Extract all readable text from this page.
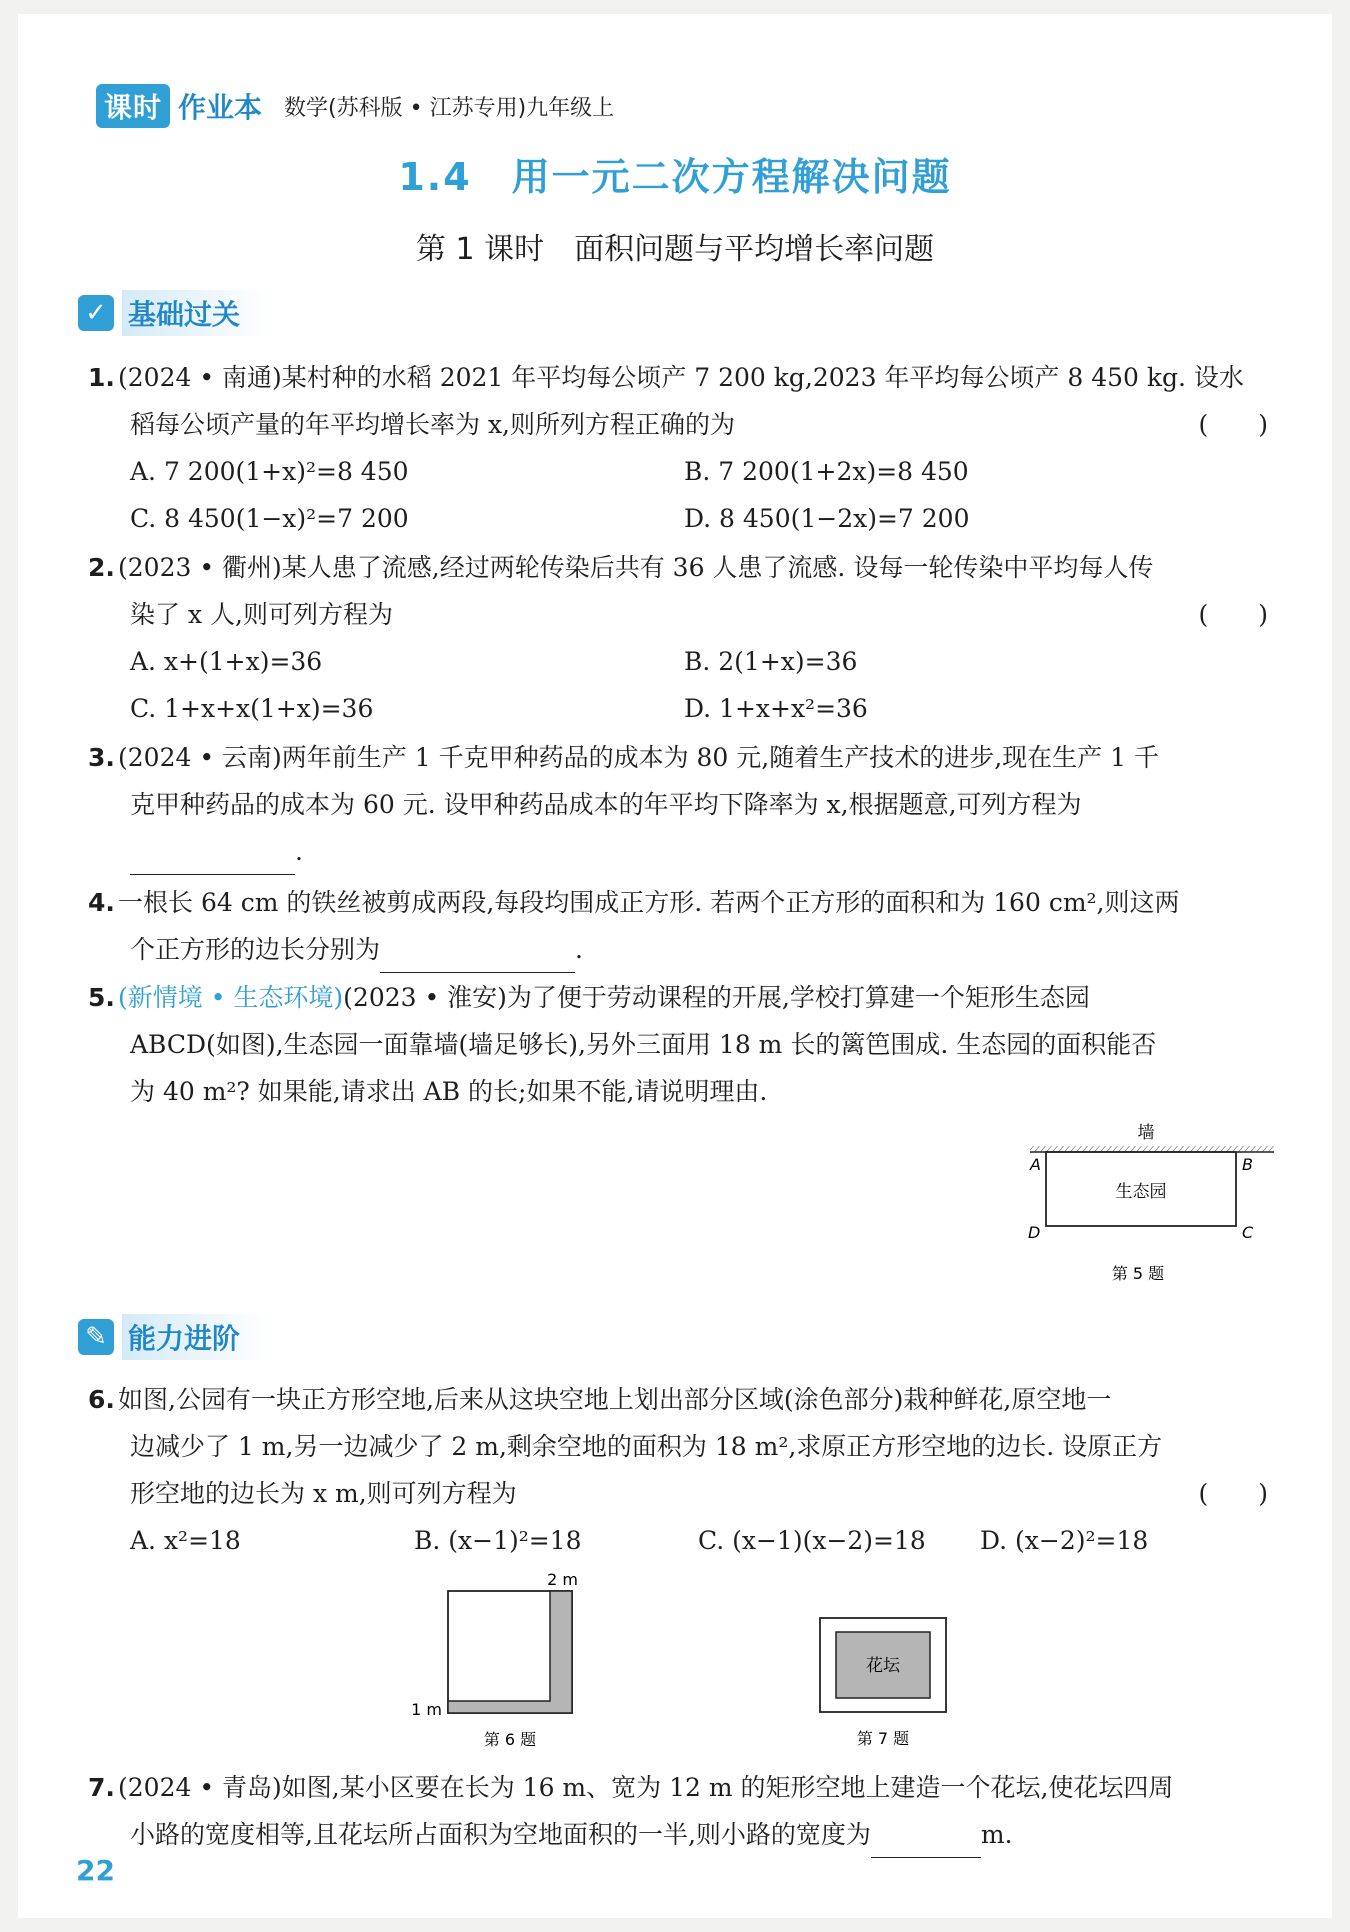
课时 作业本 数学(苏科版 • 江苏专用)九年级上
1.4　用一元二次方程解决问题
第 1 课时　面积问题与平均增长率问题
✓ 基础过关
1. (2024 • 南通)某村种的水稻 2021 年平均每公顷产 7 200 kg,2023 年平均每公顷产 8 450 kg. 设水
稻每公顷产量的年平均增长率为 x,则所列方程正确的为	(　　)
A. 7 200(1+x)²=8 450	B. 7 200(1+2x)=8 450
C. 8 450(1−x)²=7 200	D. 8 450(1−2x)=7 200
2. (2023 • 衢州)某人患了流感,经过两轮传染后共有 36 人患了流感. 设每一轮传染中平均每人传
染了 x 人,则可列方程为	(　　)
A. x+(1+x)=36	B. 2(1+x)=36
C. 1+x+x(1+x)=36	D. 1+x+x²=36
3. (2024 • 云南)两年前生产 1 千克甲种药品的成本为 80 元,随着生产技术的进步,现在生产 1 千
克甲种药品的成本为 60 元. 设甲种药品成本的年平均下降率为 x,根据题意,可列方程为
.
4. 一根长 64 cm 的铁丝被剪成两段,每段均围成正方形. 若两个正方形的面积和为 160 cm²,则这两
个正方形的边长分别为	.
5. (新情境 • 生态环境)(2023 • 淮安)为了便于劳动课程的开展,学校打算建一个矩形生态园
ABCD(如图),生态园一面靠墙(墙足够长),另外三面用 18 m 长的篱笆围成. 生态园的面积能否
为 40 m²? 如果能,请求出 AB 的长;如果不能,请说明理由.
墙
生态园
A	B
C
D
第 5 题
✎ 能力进阶
6. 如图,公园有一块正方形空地,后来从这块空地上划出部分区域(涂色部分)栽种鲜花,原空地一
边减少了 1 m,另一边减少了 2 m,剩余空地的面积为 18 m²,求原正方形空地的边长. 设原正方
形空地的边长为 x m,则可列方程为	(　　)
A. x²=18	B. (x−1)²=18	C. (x−1)(x−2)=18 D. (x−2)²=18
2 m
1 m
第 6 题
花坛
第 7 题
7. (2024 • 青岛)如图,某小区要在长为 16 m、宽为 12 m 的矩形空地上建造一个花坛,使花坛四周
小路的宽度相等,且花坛所占面积为空地面积的一半,则小路的宽度为	m.
22
